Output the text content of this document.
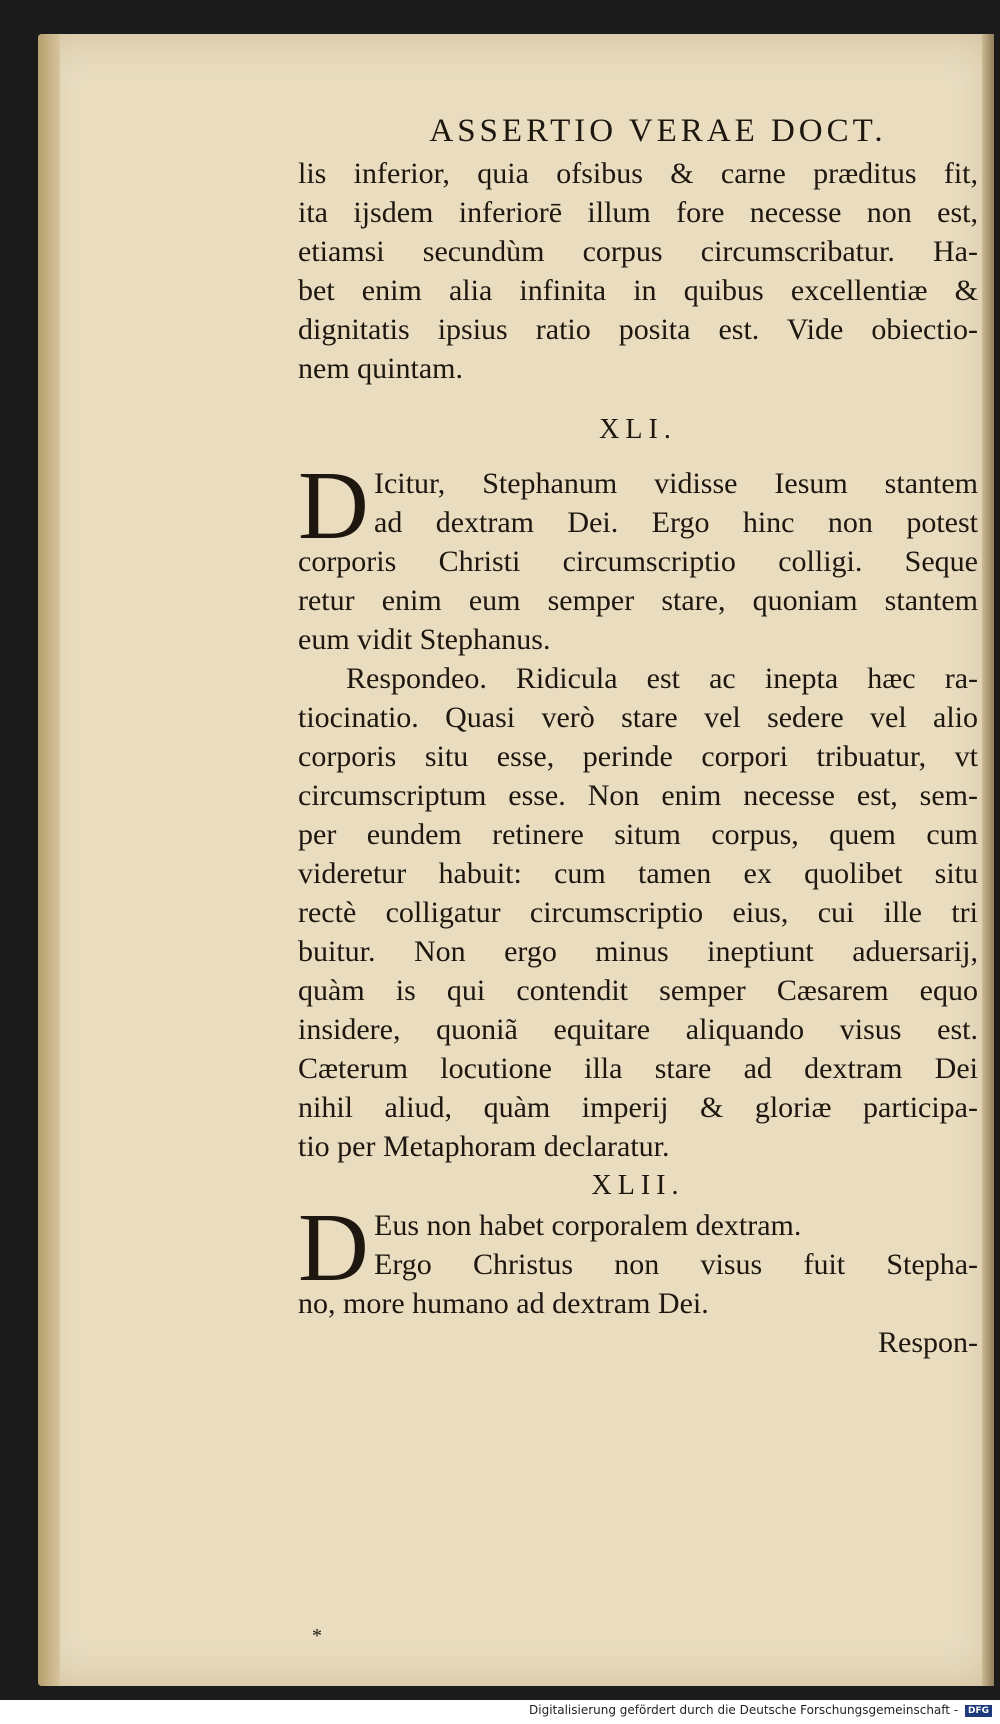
ASSERTIO VERAE DOCT.
lis inferior, quia ofsibus & carne præditus fit,
ita ijsdem inferiorē illum fore necesse non est,
etiamsi secundùm corpus circumscribatur. Ha-
bet enim alia infinita in quibus excellentiæ &
dignitatis ipsius ratio posita est. Vide obiectio-
nem quintam.
XLI.
D Icitur, Stephanum vidisse Iesum stantem
ad dextram Dei. Ergo hinc non potest
corporis Christi circumscriptio colligi. Seque
retur enim eum semper stare, quoniam stantem
eum vidit Stephanus.
Respondeo. Ridicula est ac inepta hæc ra-
tiocinatio. Quasi verò stare vel sedere vel alio
corporis situ esse, perinde corpori tribuatur, vt
circumscriptum esse. Non enim necesse est, sem-
per eundem retinere situm corpus, quem cum
videretur habuit: cum tamen ex quolibet situ
rectè colligatur circumscriptio eius, cui ille tri
buitur. Non ergo minus ineptiunt aduersarij,
quàm is qui contendit semper Cæsarem equo
insidere, quoniã equitare aliquando visus est.
Cæterum locutione illa stare ad dextram Dei
nihil aliud, quàm imperij & gloriæ participa-
tio per Metaphoram declaratur.
XLII.
D Eus non habet corporalem dextram.
Ergo Christus non visus fuit Stepha-
no, more humano ad dextram Dei.
Respon-
*
Digitalisierung gefördert durch die Deutsche Forschungsgemeinschaft - DFG
